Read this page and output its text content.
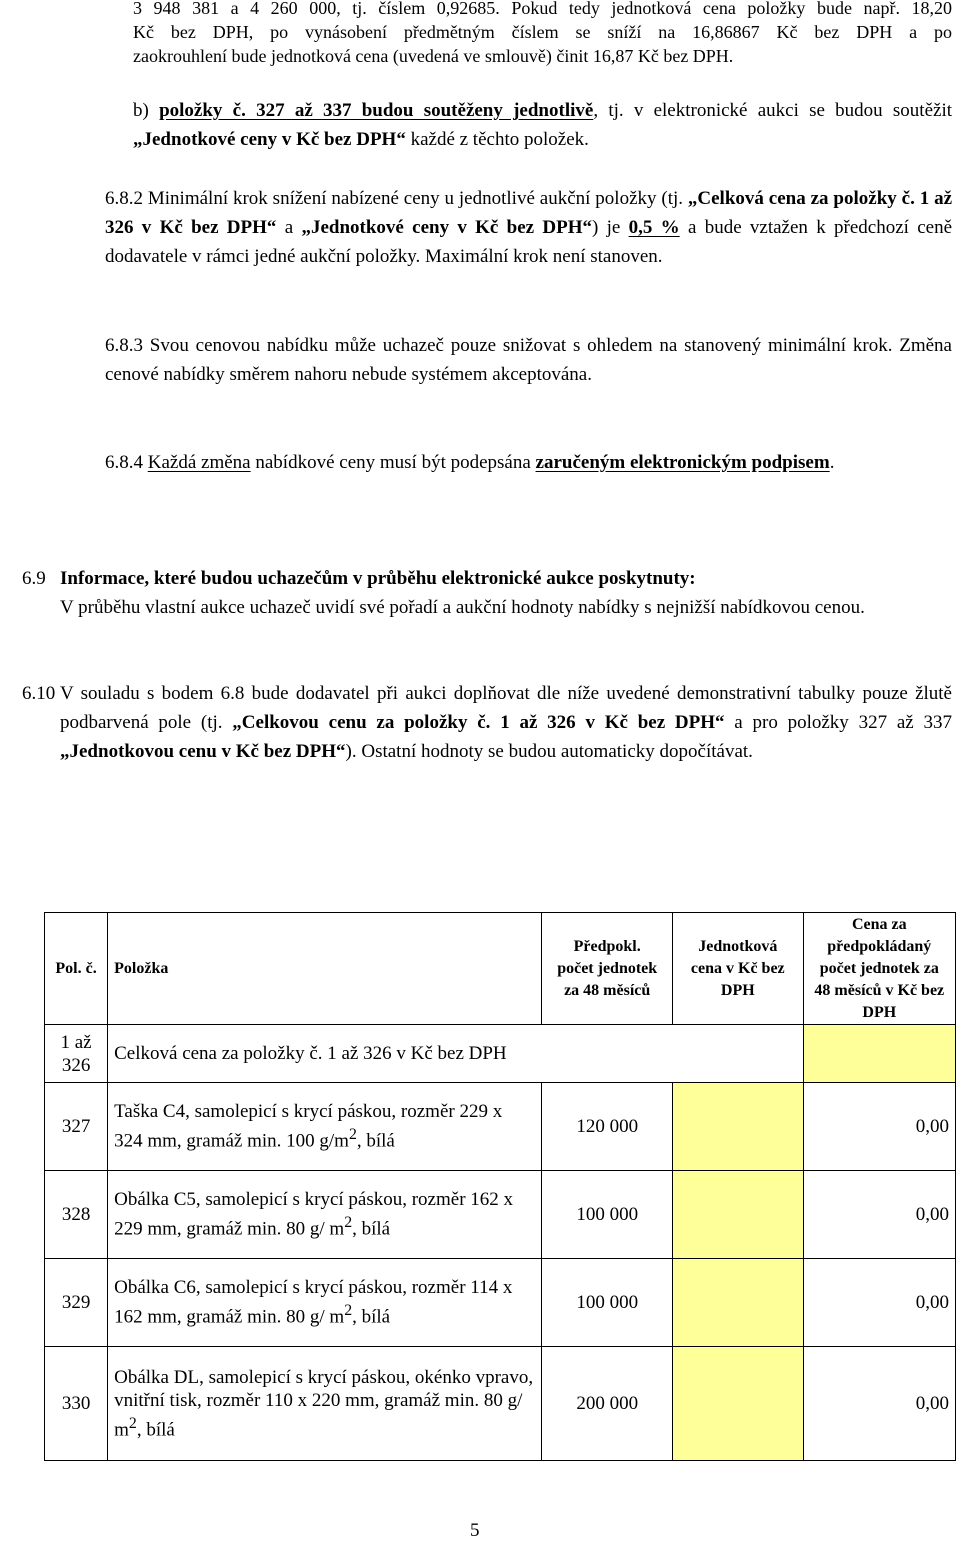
3 948 381 a 4 260 000, tj. číslem 0,92685. Pokud tedy jednotková cena položky bude např. 18,20
Kč bez DPH, po vynásobení předmětným číslem se sníží na 16,86867 Kč bez DPH a po
zaokrouhlení bude jednotková cena (uvedená ve smlouvě) činit 16,87 Kč bez DPH.
b) položky č. 327 až 337 budou soutěženy jednotlivě, tj. v elektronické aukci se budou soutěžit „Jednotkové ceny v Kč bez DPH“ každé z těchto položek.
6.8.2 Minimální krok snížení nabízené ceny u jednotlivé aukční položky (tj. „Celková cena za položky č. 1 až 326 v Kč bez DPH“ a „Jednotkové ceny v Kč bez DPH“) je 0,5 % a bude vztažen k předchozí ceně dodavatele v rámci jedné aukční položky. Maximální krok není stanoven.
6.8.3 Svou cenovou nabídku může uchazeč pouze snižovat s ohledem na stanovený minimální krok. Změna cenové nabídky směrem nahoru nebude systémem akceptována.
6.8.4 Každá změna nabídkové ceny musí být podepsána zaručeným elektronickým podpisem.
6.9 Informace, které budou uchazečům v průběhu elektronické aukce poskytnuty:
V průběhu vlastní aukce uchazeč uvidí své pořadí a aukční hodnoty nabídky s nejnižší nabídkovou cenou.
6.10 V souladu s bodem 6.8 bude dodavatel při aukci doplňovat dle níže uvedené demonstrativní tabulky pouze žlutě podbarvená pole (tj. „Celkovou cenu za položky č. 1 až 326 v Kč bez DPH“ a pro položky 327 až 337 „Jednotkovou cenu v Kč bez DPH“). Ostatní hodnoty se budou automaticky dopočítávat.
Pol. č.	Položka	Předpokl. počet jednotek za 48 měsíců	Jednotková cena v Kč bez DPH	Cena za předpokládaný počet jednotek za 48 měsíců v Kč bez DPH
1 až 326	Celková cena za položky č. 1 až 326 v Kč bez DPH			
327	Taška C4, samolepicí s krycí páskou, rozměr 229 x 324 mm, gramáž min. 100 $g/m^2$, bílá	120 000		0,00
328	Obálka C5, samolepicí s krycí páskou, rozměr 162 x 229 mm, gramáž min. 80 g/ $m^2$, bílá	100 000		0,00
329	Obálka C6, samolepicí s krycí páskou, rozměr 114 x 162 mm, gramáž min. 80 g/ $m^2$, bílá	100 000		0,00
330	Obálka DL, samolepicí s krycí páskou, okénko vpravo, vnitřní tisk, rozměr 110 x 220 mm, gramáž min. 80 g/ $m^2$, bílá	200 000		0,00
5
